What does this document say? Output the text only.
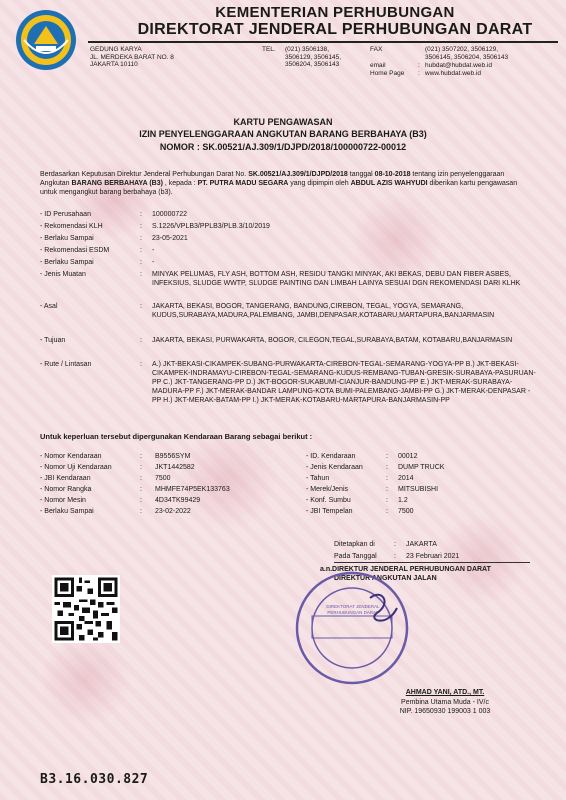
KEMENTERIAN PERHUBUNGAN
DIREKTORAT JENDERAL PERHUBUNGAN DARAT
GEDUNG KARYA
JL. MERDEKA BARAT NO. 8
JAKARTA 10110
TEL.	(021) 3506138,
3506129, 3506145,
3506204, 3506143
FAX	(021) 3507202, 3506129,
3506145, 3506204, 3506143
email	: hubdat@hubdat.web.id
Home Page	: www.hubdat.web.id
KARTU PENGAWASAN
IZIN PENYELENGGARAAN ANGKUTAN BARANG BERBAHAYA (B3)
NOMOR : SK.00521/AJ.309/1/DJPD/2018/100000722-00012
Berdasarkan Keputusan Direktur Jenderal Perhubungan Darat No. SK.00521/AJ.309/1/DJPD/2018 tanggal 08-10-2018 tentang izin penyelenggaraan Angkutan BARANG BERBAHAYA (B3) , kepada : PT. PUTRA MADU SEGARA yang dipimpin oleh ABDUL AZIS WAHYUDI diberikan kartu pengawasan untuk mengangkut barang berbahaya (b3).
- ID Perusahaan	:	100000722
- Rekomendasi KLH	:	S.1226/VPLB3/PPLB3/PLB.3/10/2019
- Berlaku Sampai	:	23-05-2021
- Rekomendasi ESDM	:	-
- Berlaku Sampai	:	-
- Jenis Muatan	:	MINYAK PELUMAS, FLY ASH, BOTTOM ASH, RESIDU TANGKI MINYAK, AKI BEKAS, DEBU DAN FIBER ASBES, INFEKSIUS, SLUDGE WWTP, SLUDGE PAINTING DAN LIMBAH LAINYA SESUAI DGN REKOMENDASI DARI KLHK
- Asal	:	JAKARTA, BEKASI, BOGOR, TANGERANG, BANDUNG,CIREBON, TEGAL, YOGYA, SEMARANG, KUDUS,SURABAYA,MADURA,PALEMBANG, JAMBI,DENPASAR,KOTABARU,MARTAPURA,BANJARMASIN
- Tujuan	:	JAKARTA, BEKASI, PURWAKARTA, BOGOR, CILEGON,TEGAL,SURABAYA,BATAM, KOTABARU,BANJARMASIN
- Rute / Lintasan	:	A.) JKT-BEKASI-CIKAMPEK-SUBANG-PURWAKARTA-CIREBON-TEGAL-SEMARANG-YOGYA-PP B.) JKT-BEKASI-CIKAMPEK-INDRAMAYU-CIREBON-TEGAL-SEMARANG-KUDUS-REMBANG-TUBAN-GRESIK-SURABAYA-PASURUAN-PP C.) JKT-TANGERANG-PP D.) JKT-BOGOR-SUKABUMI-CIANJUR-BANDUNG-PP E.) JKT-MERAK-SURABAYA-MADURA-PP F.) JKT-MERAK-BANDAR LAMPUNG-KOTA BUMI-PALEMBANG-JAMBI-PP G.) JKT-MERAK-DENPASAR -PP H.) JKT-MERAK-BATAM-PP I.) JKT-MERAK-KOTABARU-MARTAPURA-BANJARMASIN-PP
Untuk keperluan tersebut dipergunakan Kendaraan Barang sebagai berikut :
- Nomor Kendaraan	: B9556SYM
- Nomor Uji Kendaraan	: JKT1442582
- JBI Kendaraan	: 7500
- Nomor Rangka	: MHMFE74P5EK133763
- Nomor Mesin	: 4D34TK99429
- Berlaku Sampai	: 23-02-2022
- ID. Kendaraan	: 00012
- Jenis Kendaraan	: DUMP TRUCK
- Tahun	: 2014
- Merek/Jenis	: MITSUBISHI
- Konf. Sumbu	: 1.2
- JBI Tempelan	: 7500
Ditetapkan di	: JAKARTA
Pada Tanggal : 23 Februari 2021
a.n.DIREKTUR JENDERAL PERHUBUNGAN DARAT
DIREKTUR ANGKUTAN JALAN
DIREKTORAT JENDERAL PERHUBUNGAN DARAT
AHMAD YANI, ATD., MT.
Pembina Utama Muda - IV/c
NIP. 19650930 199003 1 003
B3.16.030.827
